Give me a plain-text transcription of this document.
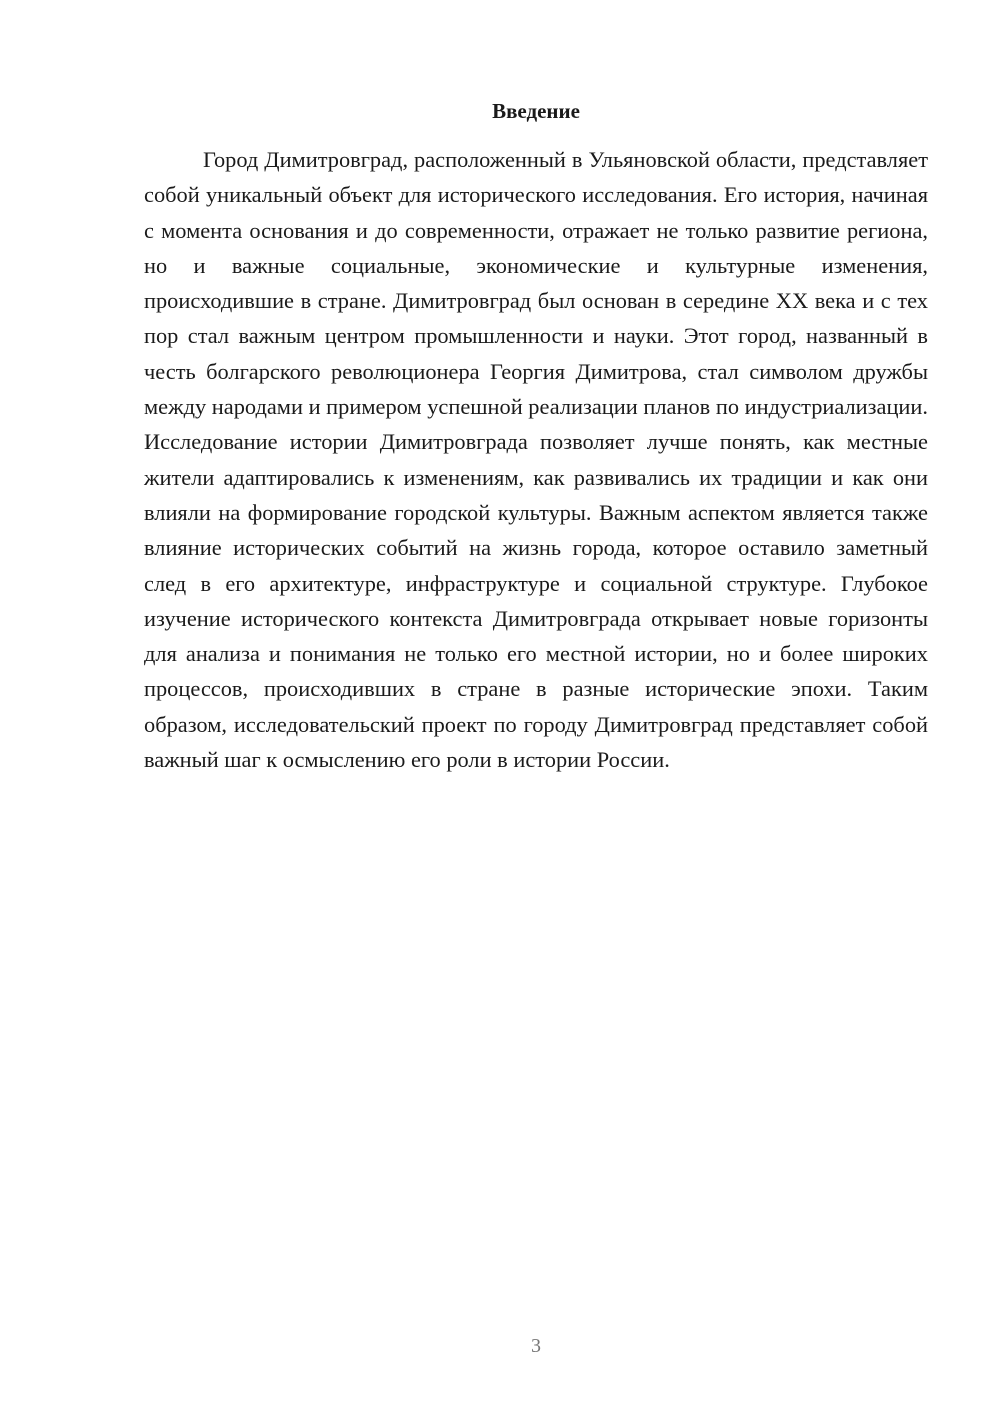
Введение

Город Димитровград, расположенный в Ульяновской области, представляет собой уникальный объект для исторического исследования. Его история, начиная с момента основания и до современности, отражает не только развитие региона, но и важные социальные, экономические и культурные изменения, происходившие в стране. Димитровград был основан в середине XX века и с тех пор стал важным центром промышленности и науки. Этот город, названный в честь болгарского революционера Георгия Димитрова, стал символом дружбы между народами и примером успешной реализации планов по индустриализации. Исследование истории Димитровграда позволяет лучше понять, как местные жители адаптировались к изменениям, как развивались их традиции и как они влияли на формирование городской культуры. Важным аспектом является также влияние исторических событий на жизнь города, которое оставило заметный след в его архитектуре, инфраструктуре и социальной структуре. Глубокое изучение исторического контекста Димитровграда открывает новые горизонты для анализа и понимания не только его местной истории, но и более широких процессов, происходивших в стране в разные исторические эпохи. Таким образом, исследовательский проект по городу Димитровград представляет собой важный шаг к осмыслению его роли в истории России.

3
